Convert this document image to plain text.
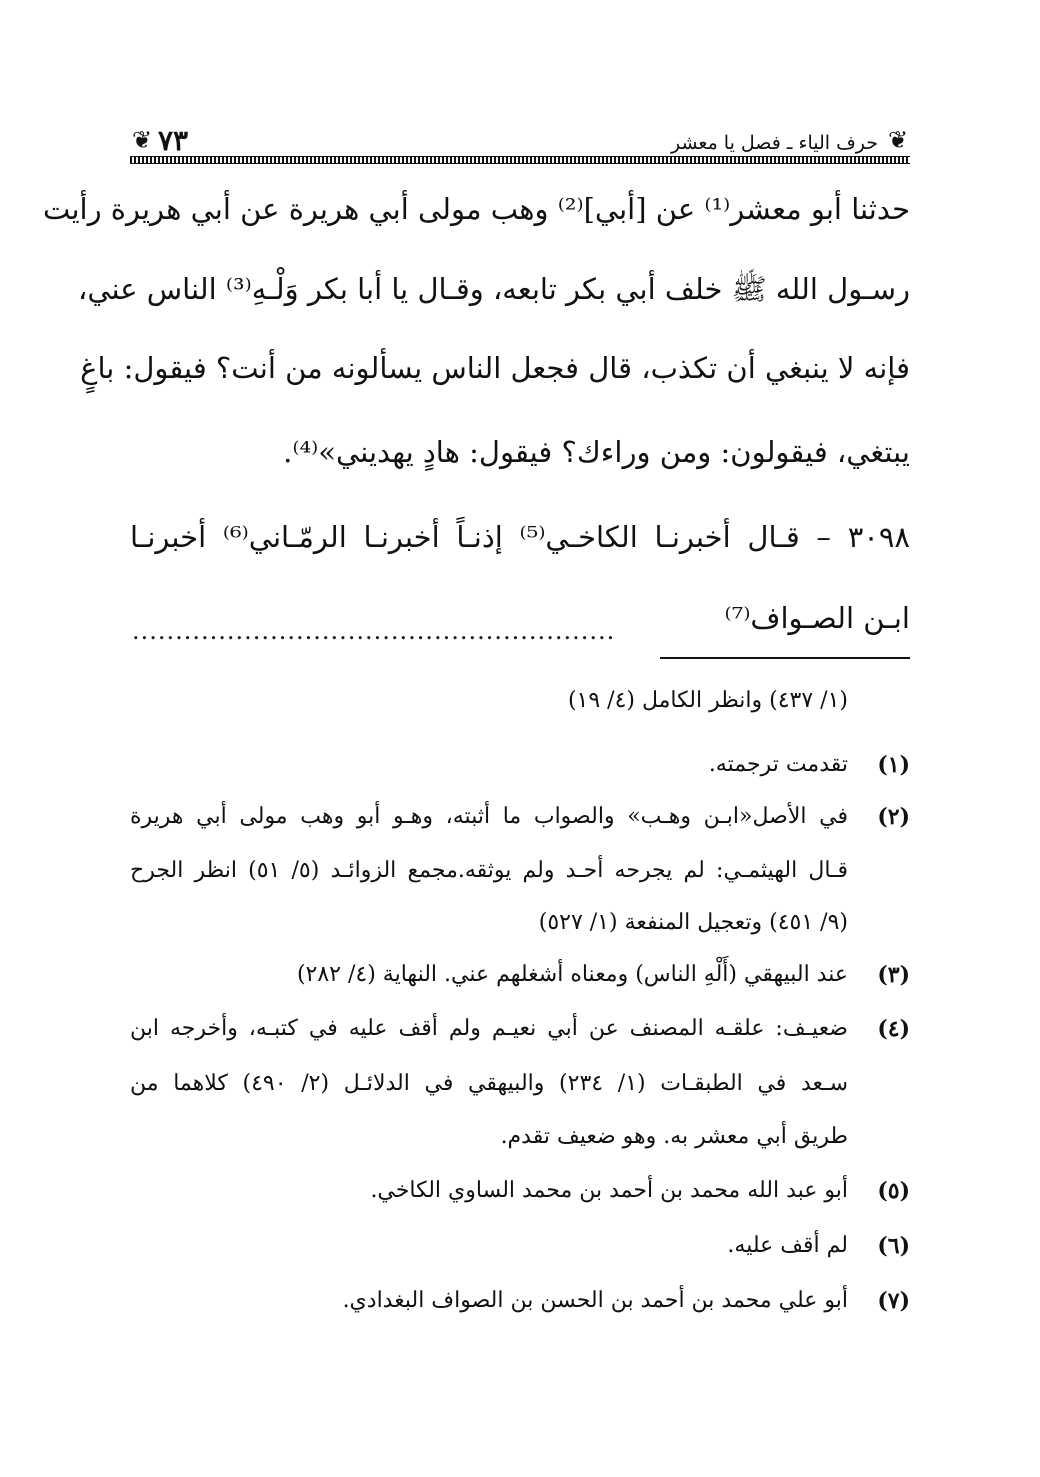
❦
❦	حرف الياء ـ فصل يا معشر
٧٣
حدثنا أبو معشر⁽¹⁾ عن [أبي]⁽²⁾ وهب مولى أبي هريرة عن أبي هريرة رأيت
رسـول الله ﷺ خلف أبي بكر تابعه، وقـال يا أبا بكر وَلْـهِ⁽³⁾ الناس عني،
فإنه لا ينبغي أن تكذب، قال فجعل الناس يسألونه من أنت؟ فيقول: باغٍ
يبتغي، فيقولون: ومن وراءك؟ فيقول: هادٍ يهديني»⁽⁴⁾.
٣٠٩٨ – قـال أخبرنـا الكاخـي⁽⁵⁾ إذنـاً أخبرنـا الرمّـاني⁽⁶⁾ أخبرنـا
ابـن الصـواف⁽⁷⁾
........................................................
(١/ ٤٣٧) وانظر الكامل (٤/ ١٩)
(١)
تقدمت ترجمته.
(٢)
في الأصل«ابـن وهـب» والصواب ما أثبته، وهـو أبو وهب مولى أبي هريرة
قـال الهيثمـي: لم يجرحه أحـد ولم يوثقه.مجمع الزوائـد (٥/ ٥١) انظر الجرح
(٩/ ٤٥١) وتعجيل المنفعة (١/ ٥٢٧)
(٣)
عند البيهقي (أَلْهِ الناس) ومعناه أشغلهم عني. النهاية (٤/ ٢٨٢)
(٤)
ضعيـف: علقـه المصنف عن أبي نعيـم ولم أقف عليه في كتبـه، وأخرجه ابن
سـعد في الطبقـات (١/ ٢٣٤) والبيهقي في الدلائـل (٢/ ٤٩٠) كلاهما من
طريق أبي معشر به. وهو ضعيف تقدم.
(٥)
أبو عبد الله محمد بن أحمد بن محمد الساوي الكاخي.
(٦)
لم أقف عليه.
(٧)
أبو علي محمد بن أحمد بن الحسن بن الصواف البغدادي.
